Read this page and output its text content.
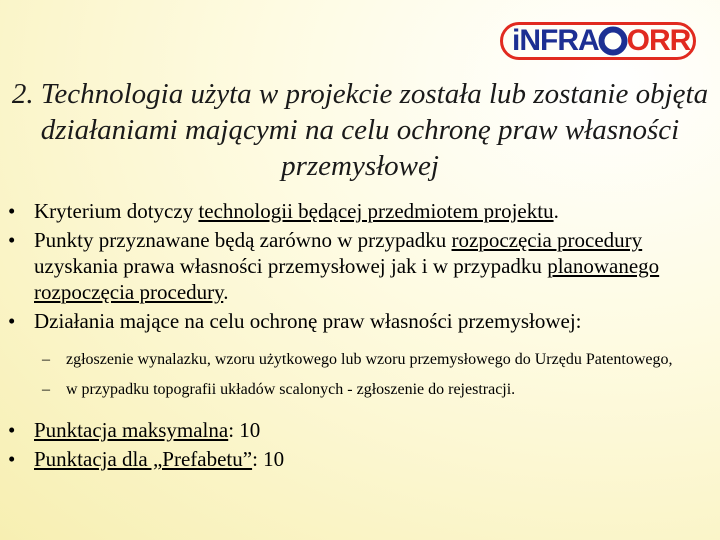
iNFRA ORR
2. Technologia użyta w projekcie została lub zostanie objęta działaniami mającymi na celu ochronę praw własności przemysłowej
• Kryterium dotyczy technologii będącej przedmiotem projektu.
• Punkty przyznawane będą zarówno w przypadku rozpoczęcia procedury uzyskania prawa własności przemysłowej jak i w przypadku planowanego rozpoczęcia procedury.
• Działania mające na celu ochronę praw własności przemysłowej:
– zgłoszenie wynalazku, wzoru użytkowego lub wzoru przemysłowego do Urzędu Patentowego,
– w przypadku topografii układów scalonych - zgłoszenie do rejestracji.
• Punktacja maksymalna: 10
• Punktacja dla „Prefabetu”: 10
